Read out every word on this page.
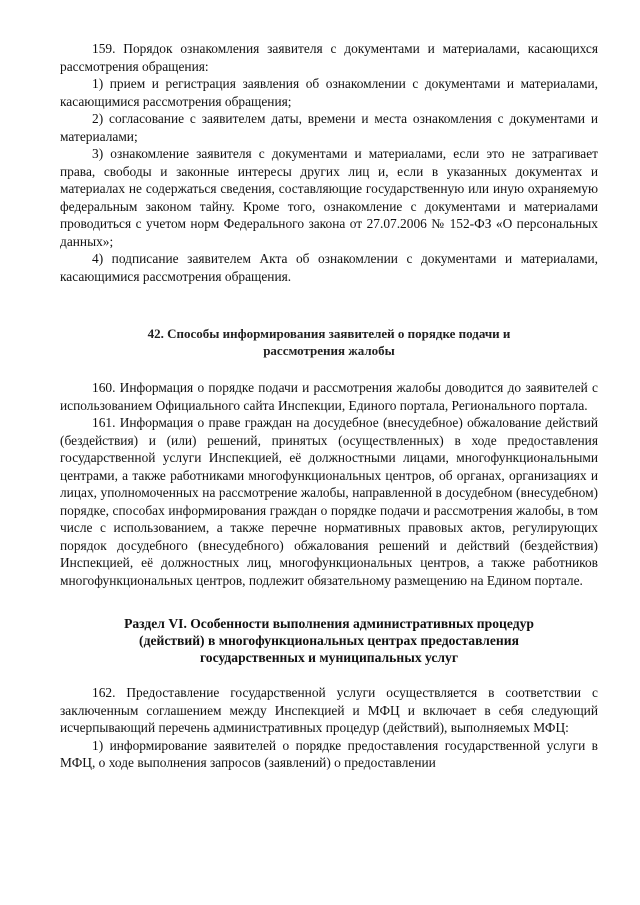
159. Порядок ознакомления заявителя с документами и материалами, касающихся рассмотрения обращения:

1) прием и регистрация заявления об ознакомлении с документами и материалами, касающимися рассмотрения обращения;

2) согласование с заявителем даты, времени и места ознакомления с документами и материалами;

3) ознакомление заявителя с документами и материалами, если это не затрагивает права, свободы и законные интересы других лиц и, если в указанных документах и материалах не содержаться сведения, составляющие государственную или иную охраняемую федеральным законом тайну. Кроме того, ознакомление с документами и материалами проводиться с учетом норм Федерального закона от 27.07.2006 № 152-ФЗ «О персональных данных»;

4) подписание заявителем Акта об ознакомлении с документами и материалами, касающимися рассмотрения обращения.

42. Способы информирования заявителей о порядке подачи и рассмотрения жалобы

160. Информация о порядке подачи и рассмотрения жалобы доводится до заявителей с использованием Официального сайта Инспекции, Единого портала, Регионального портала.

161. Информация о праве граждан на досудебное (внесудебное) обжалование действий (бездействия) и (или) решений, принятых (осуществленных) в ходе предоставления государственной услуги Инспекцией, её должностными лицами, многофункциональными центрами, а также работниками многофункциональных центров, об органах, организациях и лицах, уполномоченных на рассмотрение жалобы, направленной в досудебном (внесудебном) порядке, способах информирования граждан о порядке подачи и рассмотрения жалобы, в том числе с использованием, а также перечне нормативных правовых актов, регулирующих порядок досудебного (внесудебного) обжалования решений и действий (бездействия) Инспекцией, её должностных лиц, многофункциональных центров, а также работников многофункциональных центров, подлежит обязательному размещению на Едином портале.

Раздел VI. Особенности выполнения административных процедур (действий) в многофункциональных центрах предоставления государственных и муниципальных услуг

162. Предоставление государственной услуги осуществляется в соответствии с заключенным соглашением между Инспекцией и МФЦ и включает в себя следующий исчерпывающий перечень административных процедур (действий), выполняемых МФЦ:

1) информирование заявителей о порядке предоставления государственной услуги в МФЦ, о ходе выполнения запросов (заявлений) о предоставлении
